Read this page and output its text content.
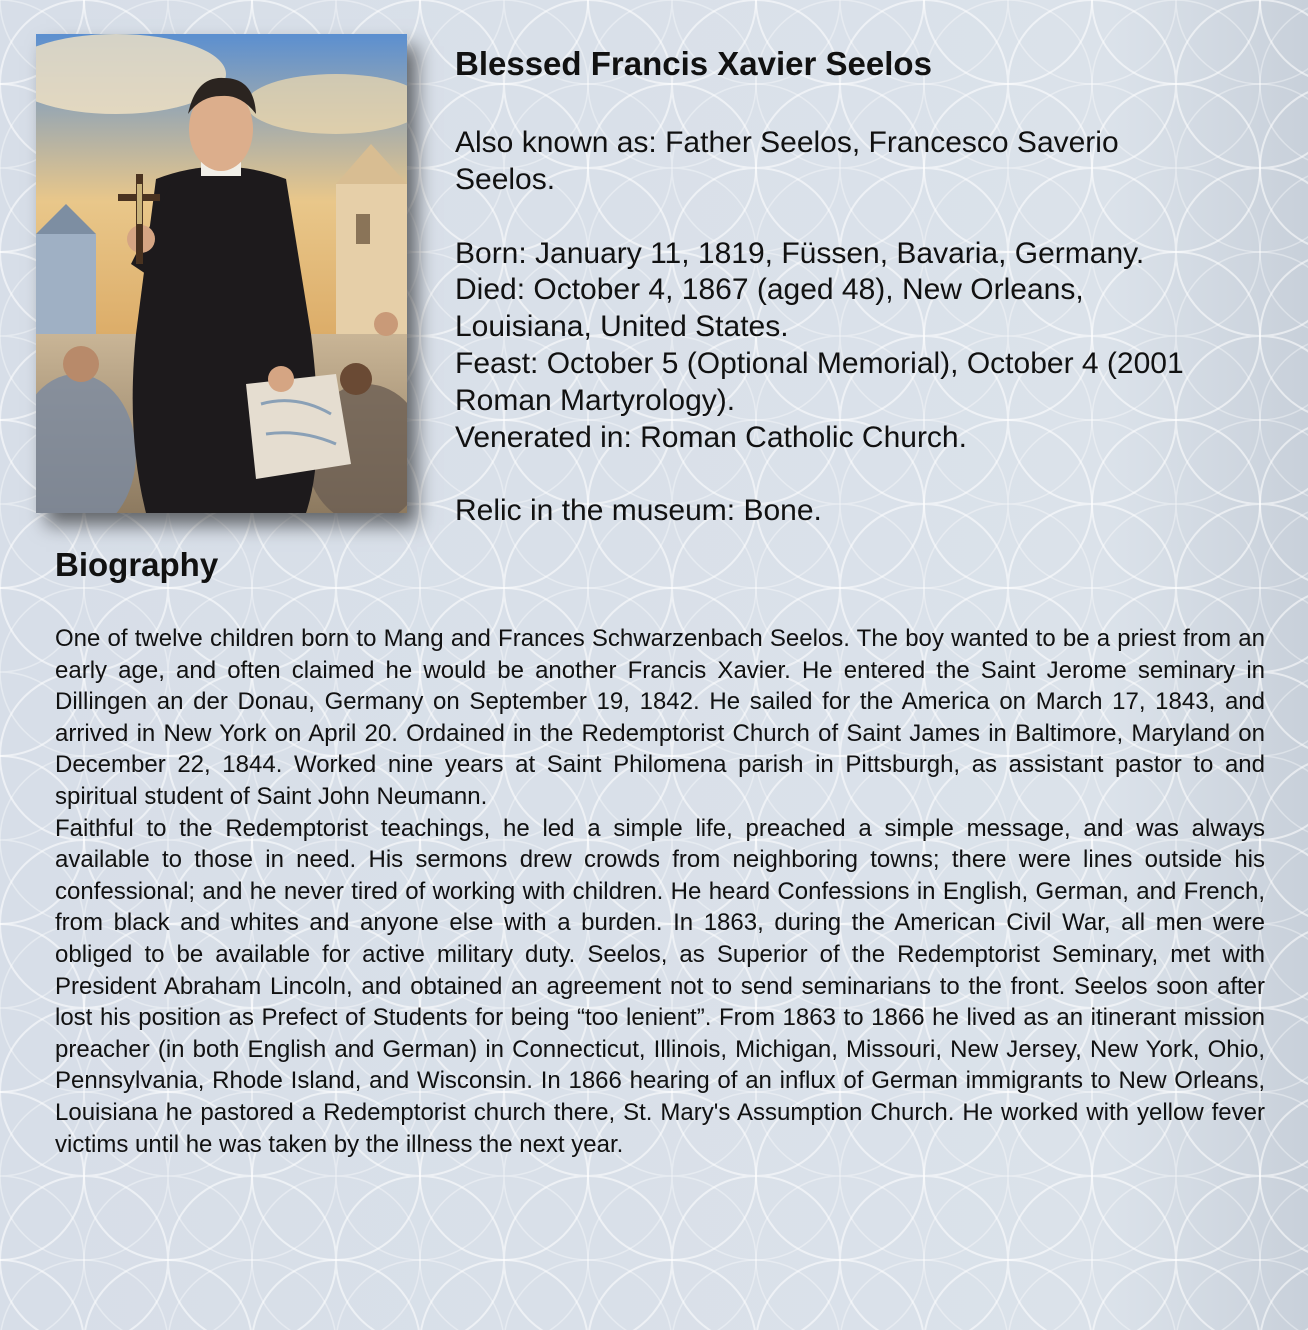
Blessed Francis Xavier Seelos
Also known as: Father Seelos, Francesco Saverio Seelos.
Born: January 11, 1819, Füssen, Bavaria, Germany.
Died: October 4, 1867 (aged 48), New Orleans, Louisiana, United States.
Feast: October 5 (Optional Memorial), October 4 (2001 Roman Martyrology).
Venerated in: Roman Catholic Church.
Relic in the museum: Bone.
Biography

One of twelve children born to Mang and Frances Schwarzenbach Seelos. The boy wanted to be a priest from an early age, and often claimed he would be another Francis Xavier. He entered the Saint Jerome seminary in Dillingen an der Donau, Germany on September 19, 1842. He sailed for the America on March 17, 1843, and arrived in New York on April 20. Ordained in the Redemptorist Church of Saint James in Baltimore, Maryland on December 22, 1844. Worked nine years at Saint Philomena parish in Pittsburgh, as assistant pastor to and spiritual student of Saint John Neumann.

Faithful to the Redemptorist teachings, he led a simple life, preached a simple message, and was always available to those in need. His sermons drew crowds from neighboring towns; there were lines outside his confessional; and he never tired of working with children. He heard Confessions in English, German, and French, from black and whites and anyone else with a burden. In 1863, during the American Civil War, all men were obliged to be available for active military duty. Seelos, as Superior of the Redemptorist Seminary, met with President Abraham Lincoln, and obtained an agreement not to send seminarians to the front. Seelos soon after lost his position as Prefect of Students for being “too lenient”. From 1863 to 1866 he lived as an itinerant mission preacher (in both English and German) in Connecticut, Illinois, Michigan, Missouri, New Jersey, New York, Ohio, Pennsylvania, Rhode Island, and Wisconsin. In 1866 hearing of an influx of German immigrants to New Orleans, Louisiana he pastored a Redemptorist church there, St. Mary's Assumption Church. He worked with yellow fever victims until he was taken by the illness the next year.
